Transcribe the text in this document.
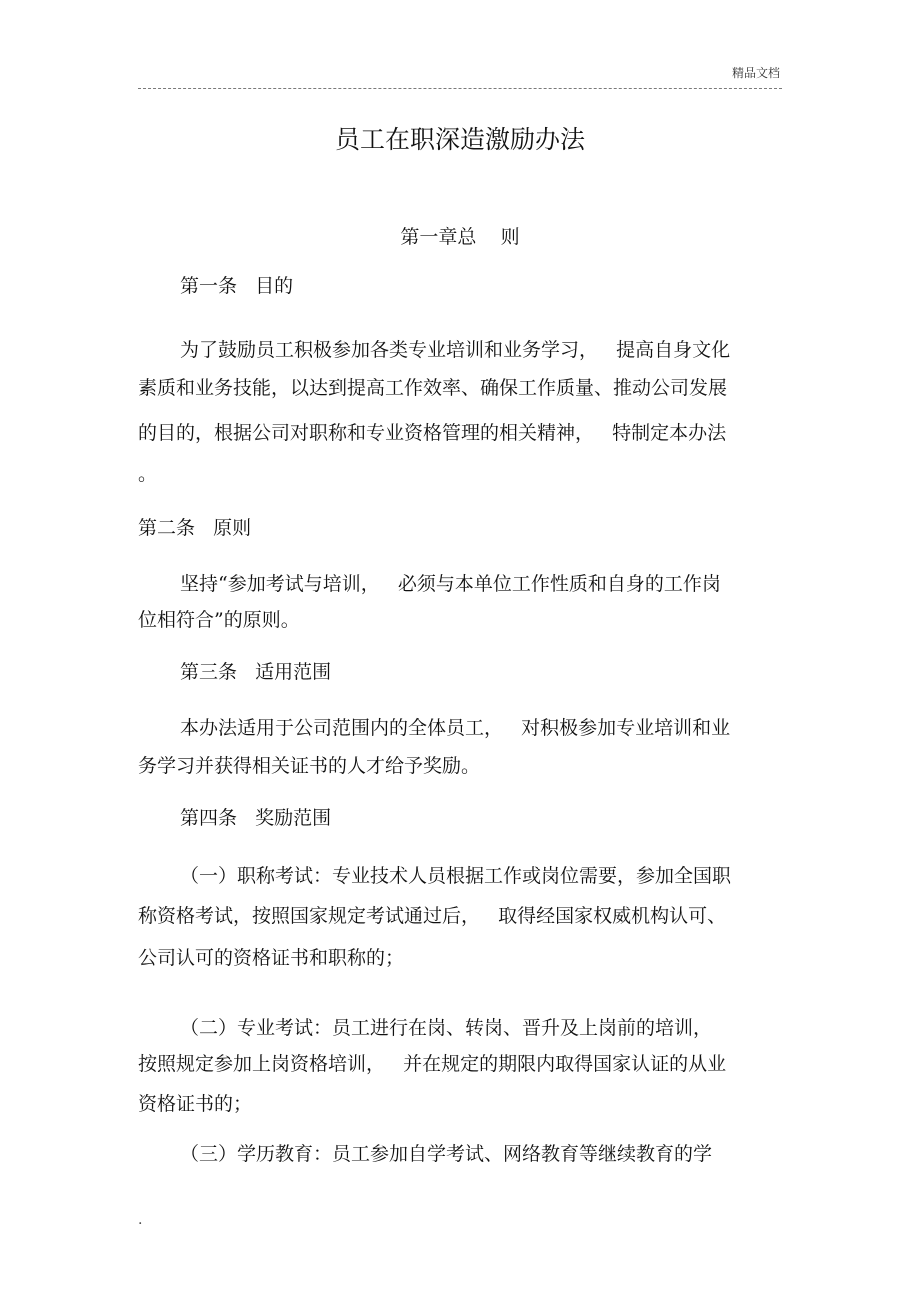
精品文档
员工在职深造激励办法
第一章总    则
第一条   目的
为了鼓励员工积极参加各类专业培训和业务学习，   提高自身文化
素质和业务技能，以达到提高工作效率、确保工作质量、推动公司发展
的目的，根据公司对职称和专业资格管理的相关精神，   特制定本办法
。
第二条   原则
坚持“参加考试与培训，   必须与本单位工作性质和自身的工作岗
位相符合”的原则。
第三条   适用范围
本办法适用于公司范围内的全体员工，   对积极参加专业培训和业
务学习并获得相关证书的人才给予奖励。
第四条   奖励范围
（一）职称考试：专业技术人员根据工作或岗位需要，参加全国职
称资格考试，按照国家规定考试通过后，   取得经国家权威机构认可、
公司认可的资格证书和职称的；
（二）专业考试：员工进行在岗、转岗、晋升及上岗前的培训，
按照规定参加上岗资格培训，   并在规定的期限内取得国家认证的从业
资格证书的；
（三）学历教育：员工参加自学考试、网络教育等继续教育的学
.
